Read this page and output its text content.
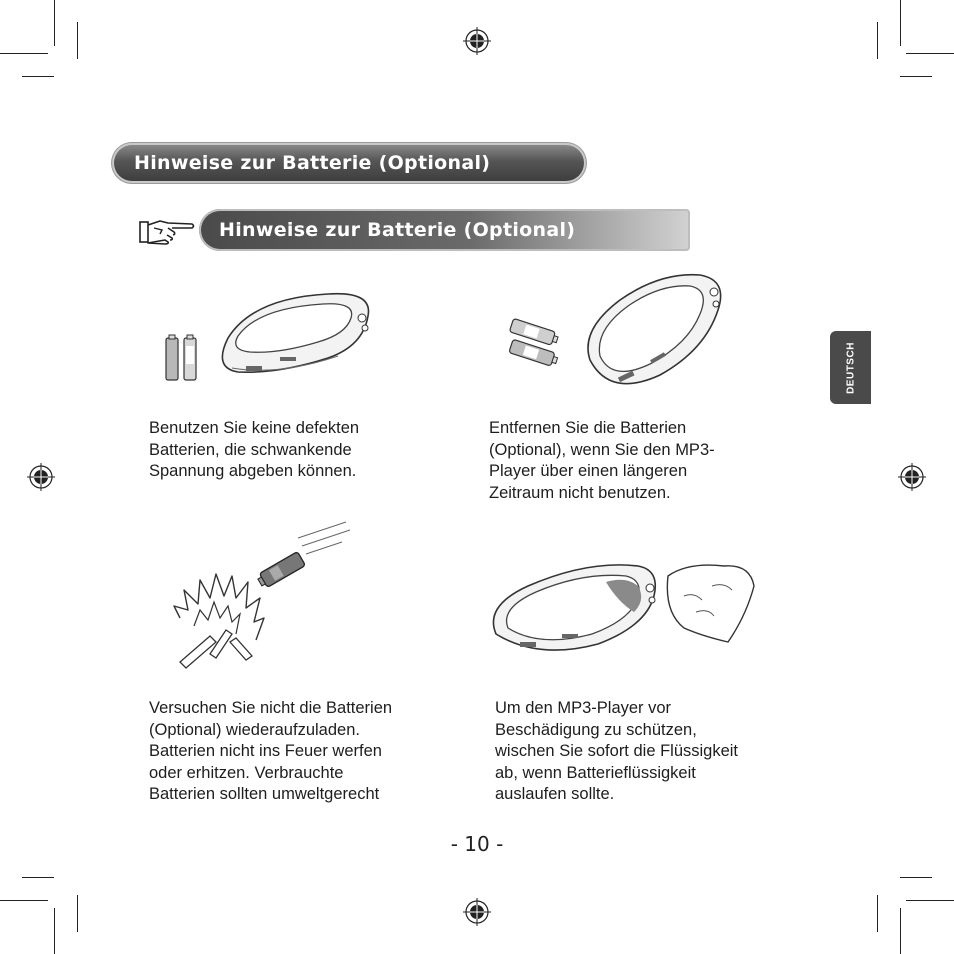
Hinweise zur Batterie (Optional)
Hinweise zur Batterie (Optional)
DEUTSCH
Benutzen Sie keine defekten
Batterien, die schwankende
Spannung abgeben können.
Entfernen Sie die Batterien
(Optional), wenn Sie den MP3-
Player über einen längeren
Zeitraum nicht benutzen.
Versuchen Sie nicht die Batterien
(Optional) wiederaufzuladen.
Batterien nicht ins Feuer werfen
oder erhitzen. Verbrauchte
Batterien sollten umweltgerecht
Um den MP3-Player vor
Beschädigung zu schützen,
wischen Sie sofort die Flüssigkeit
ab, wenn Batterieflüssigkeit
auslaufen sollte.
- 10 -
